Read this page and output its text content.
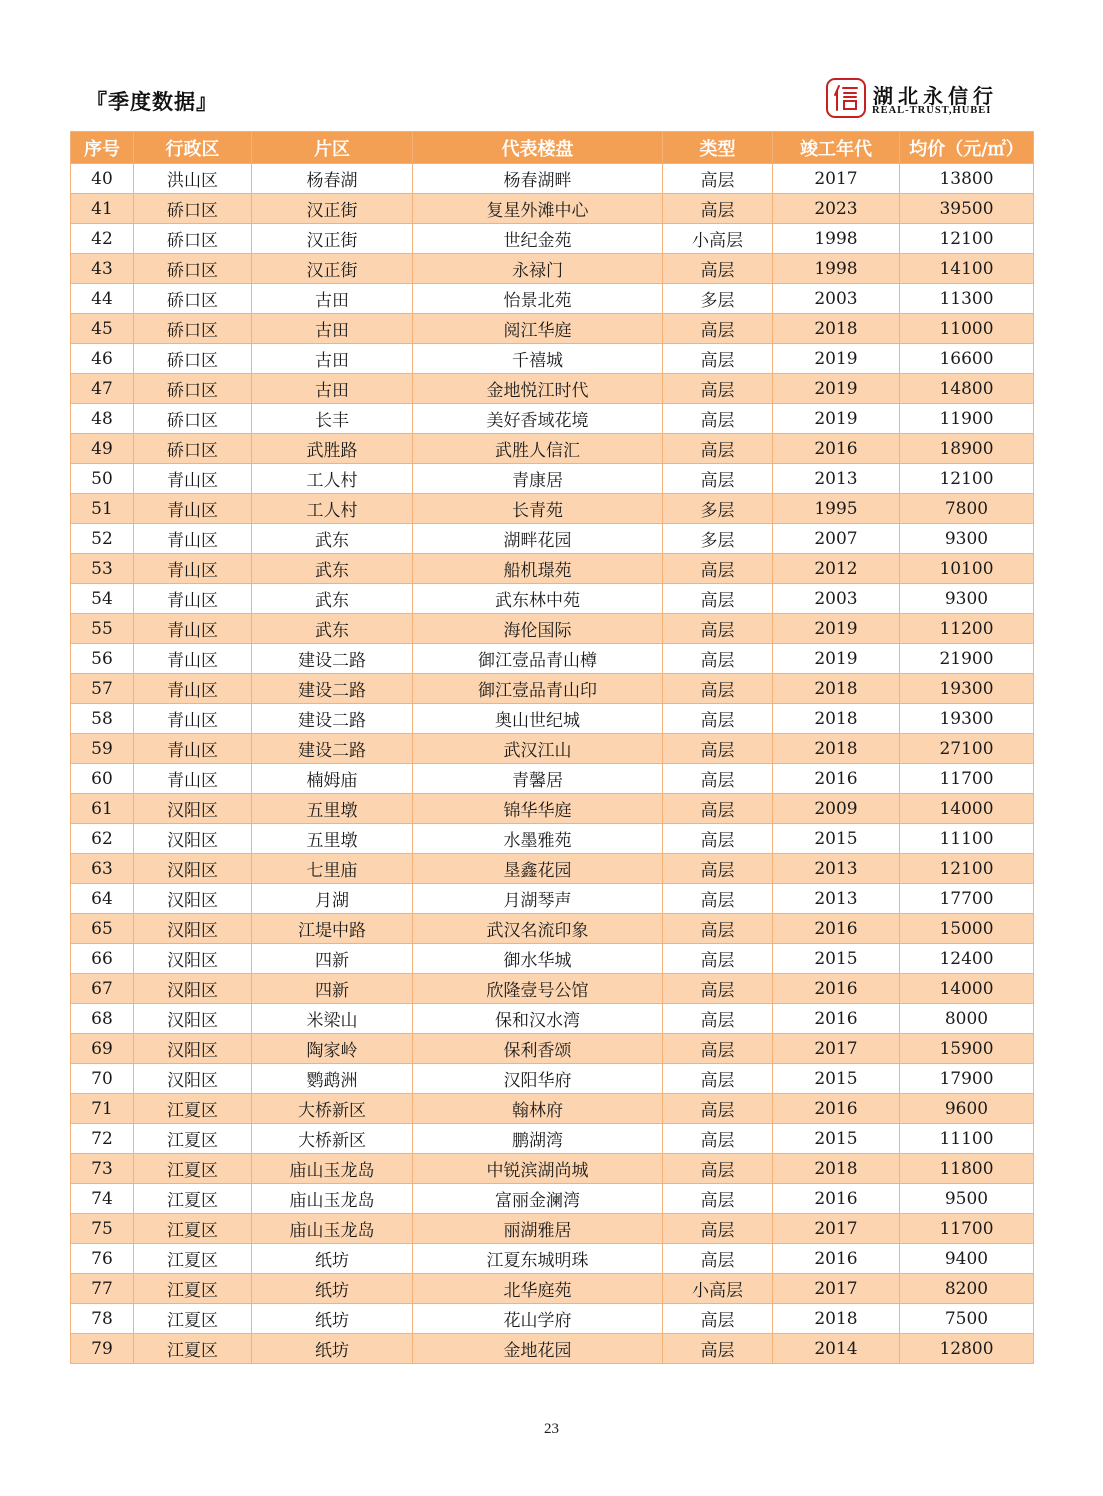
『季度数据』	湖北永信行
REAL-TRUST,HUBEI
序号	行政区	片区	代表楼盘	类型	竣工年代	均价（元/㎡）
40	洪山区	杨春湖	杨春湖畔	高层	2017	13800
41	硚口区	汉正街	复星外滩中心	高层	2023	39500
42	硚口区	汉正街	世纪金苑	小高层	1998	12100
43	硚口区	汉正街	永禄门	高层	1998	14100
44	硚口区	古田	怡景北苑	多层	2003	11300
45	硚口区	古田	阅江华庭	高层	2018	11000
46	硚口区	古田	千禧城	高层	2019	16600
47	硚口区	古田	金地悦江时代	高层	2019	14800
48	硚口区	长丰	美好香域花境	高层	2019	11900
49	硚口区	武胜路	武胜人信汇	高层	2016	18900
50	青山区	工人村	青康居	高层	2013	12100
51	青山区	工人村	长青苑	多层	1995	7800
52	青山区	武东	湖畔花园	多层	2007	9300
53	青山区	武东	船机璟苑	高层	2012	10100
54	青山区	武东	武东林中苑	高层	2003	9300
55	青山区	武东	海伦国际	高层	2019	11200
56	青山区	建设二路	御江壹品青山樽	高层	2019	21900
57	青山区	建设二路	御江壹品青山印	高层	2018	19300
58	青山区	建设二路	奥山世纪城	高层	2018	19300
59	青山区	建设二路	武汉江山	高层	2018	27100
60	青山区	楠姆庙	青馨居	高层	2016	11700
61	汉阳区	五里墩	锦华华庭	高层	2009	14000
62	汉阳区	五里墩	水墨雅苑	高层	2015	11100
63	汉阳区	七里庙	垦鑫花园	高层	2013	12100
64	汉阳区	月湖	月湖琴声	高层	2013	17700
65	汉阳区	江堤中路	武汉名流印象	高层	2016	15000
66	汉阳区	四新	御水华城	高层	2015	12400
67	汉阳区	四新	欣隆壹号公馆	高层	2016	14000
68	汉阳区	米梁山	保和汉水湾	高层	2016	8000
69	汉阳区	陶家岭	保利香颂	高层	2017	15900
70	汉阳区	鹦鹉洲	汉阳华府	高层	2015	17900
71	江夏区	大桥新区	翰林府	高层	2016	9600
72	江夏区	大桥新区	鹏湖湾	高层	2015	11100
73	江夏区	庙山玉龙岛	中锐滨湖尚城	高层	2018	11800
74	江夏区	庙山玉龙岛	富丽金澜湾	高层	2016	9500
75	江夏区	庙山玉龙岛	丽湖雅居	高层	2017	11700
76	江夏区	纸坊	江夏东城明珠	高层	2016	9400
77	江夏区	纸坊	北华庭苑	小高层	2017	8200
78	江夏区	纸坊	花山学府	高层	2018	7500
79	江夏区	纸坊	金地花园	高层	2014	12800
23
